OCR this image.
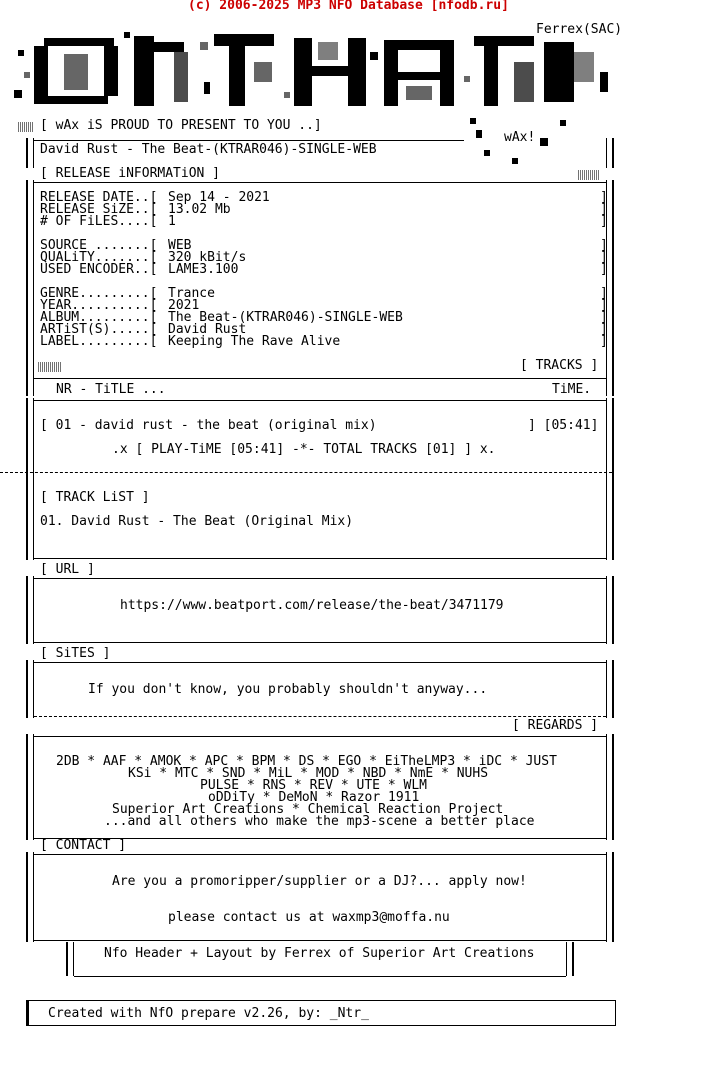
(c) 2006-2025 MP3 NFO Database [nfodb.ru]
Ferrex(SAC)
[ wAx iS PROUD TO PRESENT TO YOU ..]
wAx!
David Rust - The Beat-(KTRAR046)-SINGLE-WEB
[ RELEASE iNFORMATiON ]
RELEASE DATE..[ Sep 14 - 2021	]
RELEASE SiZE..[ 13.02 Mb	]
# OF FiLES....[ 1	]
SOURCE .......[ WEB	]
QUALiTY.......[ 320 kBit/s	]
USED ENCODER..[ LAME3.100	]
GENRE.........[ Trance	]
YEAR..........[ 2021	]
ALBUM.........[ The Beat-(KTRAR046)-SINGLE-WEB	]
ARTiST(S).....[ David Rust	]
LABEL.........[ Keeping The Rave Alive	]
[ TRACKS ]
NR - TiTLE ...	TiME.
[ 01 - david rust - the beat (original mix)	] [05:41]
.x [ PLAY-TiME [05:41] -*- TOTAL TRACKS [01] ] x.
[ TRACK LiST ]
01. David Rust - The Beat (Original Mix)
[ URL ]
https://www.beatport.com/release/the-beat/3471179
[ SiTES ]
If you don't know, you probably shouldn't anyway...
[ REGARDS ]
2DB * AAF * AMOK * APC * BPM * DS * EGO * EiTheLMP3 * iDC * JUST
KSi * MTC * SND * MiL * MOD * NBD * NmE * NUHS
PULSE * RNS * REV * UTE * WLM
oDDiTy * DeMoN * Razor 1911
Superior Art Creations * Chemical Reaction Project
...and all others who make the mp3-scene a better place
[ CONTACT ]
Are you a promoripper/supplier or a DJ?... apply now!
please contact us at waxmp3@moffa.nu
Nfo Header + Layout by Ferrex of Superior Art Creations
Created with NfO prepare v2.26, by: _Ntr_
